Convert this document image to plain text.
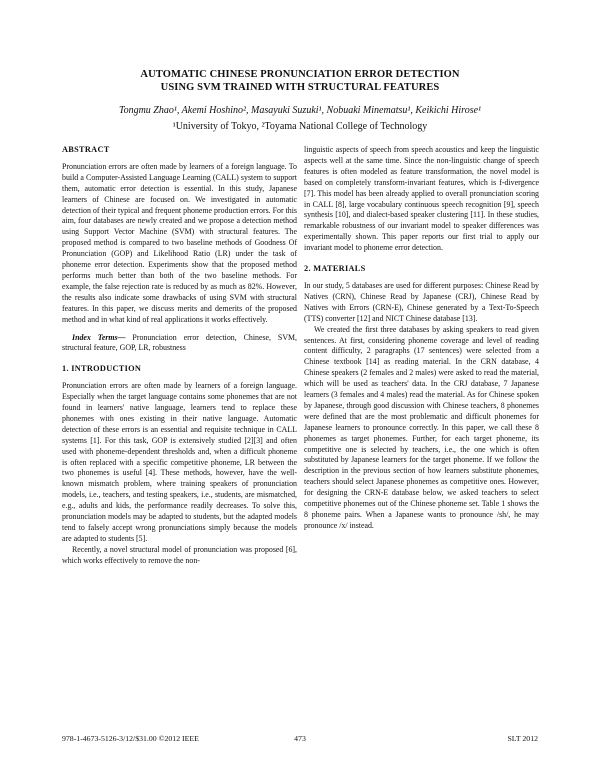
AUTOMATIC CHINESE PRONUNCIATION ERROR DETECTION
USING SVM TRAINED WITH STRUCTURAL FEATURES
Tongmu Zhao¹, Akemi Hoshino², Masayuki Suzuki¹, Nobuaki Minematsu¹, Keikichi Hirose¹
¹University of Tokyo, ²Toyama National College of Technology

ABSTRACT

Pronunciation errors are often made by learners of a foreign language. To build a Computer-Assisted Language Learning (CALL) system to support them, automatic error detection is essential. In this study, Japanese learners of Chinese are focused on. We investigated in automatic detection of their typical and frequent phoneme production errors. For this aim, four databases are newly created and we propose a detection method using Support Vector Machine (SVM) with structural features. The proposed method is compared to two baseline methods of Goodness Of Pronunciation (GOP) and Likelihood Ratio (LR) under the task of phoneme error detection. Experiments show that the proposed method performs much better than both of the two baseline methods. For example, the false rejection rate is reduced by as much as 82%. However, the results also indicate some drawbacks of using SVM with structural features. In this paper, we discuss merits and demerits of the proposed method and in what kind of real applications it works effectively.

Index Terms— Pronunciation error detection, Chinese, SVM, structural feature, GOP, LR, robustness

1. INTRODUCTION

Pronunciation errors are often made by learners of a foreign language. Especially when the target language contains some phonemes that are not found in learners' native language, learners tend to replace these phonemes with ones existing in their native language. Automatic detection of these errors is an essential and requisite technique in CALL systems [1]. For this task, GOP is extensively studied [2][3] and often used with phoneme-dependent thresholds and, when a difficult phoneme is often replaced with a specific competitive phoneme, LR between the two phonemes is useful [4]. These methods, however, have the well-known mismatch problem, where training speakers of pronunciation models, i.e., teachers, and testing speakers, i.e., students, are mismatched, e.g., adults and kids, the performance readily decreases. To solve this, pronunciation models may be adapted to students, but the adapted models tend to falsely accept wrong pronunciations simply because the models are adapted to students [5].

Recently, a novel structural model of pronunciation was proposed [6], which works effectively to remove the non-

linguistic aspects of speech from speech acoustics and keep the linguistic aspects well at the same time. Since the non-linguistic change of speech features is often modeled as feature transformation, the novel model is based on completely transform-invariant features, which is f-divergence [7]. This model has been already applied to overall pronunciation scoring in CALL [8], large vocabulary continuous speech recognition [9], speech synthesis [10], and dialect-based speaker clustering [11]. In these studies, remarkable robustness of our invariant model to speaker differences was experimentally shown. This paper reports our first trial to apply our invariant model to phoneme error detection.

2. MATERIALS

In our study, 5 databases are used for different purposes: Chinese Read by Natives (CRN), Chinese Read by Japanese (CRJ), Chinese Read by Natives with Errors (CRN-E), Chinese generated by a Text-To-Speech (TTS) converter [12] and NICT Chinese database [13].

We created the first three databases by asking speakers to read given sentences. At first, considering phoneme coverage and level of reading content difficulty, 2 paragraphs (17 sentences) were selected from a Chinese textbook [14] as reading material. In the CRN database, 4 Chinese speakers (2 females and 2 males) were asked to read the material, which will be used as teachers' data. In the CRJ database, 7 Japanese learners (3 females and 4 males) read the material. As for Chinese spoken by Japanese, through good discussion with Chinese teachers, 8 phonemes were defined that are the most problematic and difficult phonemes for Japanese learners to pronounce correctly. In this paper, we call these 8 phonemes as target phonemes. Further, for each target phoneme, its competitive one is selected by teachers, i.e., the one which is often substituted by Japanese learners for the target phoneme. If we follow the description in the previous section of how learners substitute phonemes, teachers should select Japanese phonemes as competitive ones. However, for designing the CRN-E database below, we asked teachers to select competitive phonemes out of the Chinese phoneme set. Table 1 shows the 8 phoneme pairs. When a Japanese wants to pronounce /sh/, he may pronounce /x/ instead.

978-1-4673-5126-3/12/$31.00 ©2012 IEEE	473	SLT 2012
